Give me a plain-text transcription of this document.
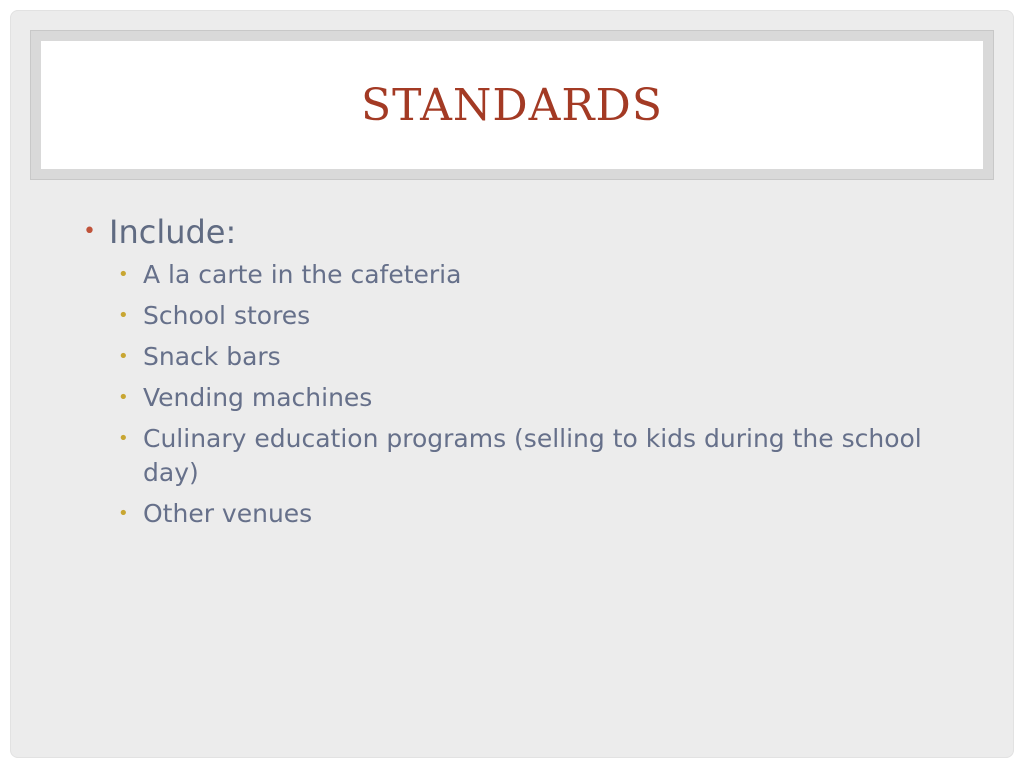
STANDARDS
• Include:
• A la carte in the cafeteria
• School stores
• Snack bars
• Vending machines
• Culinary education programs (selling to kids during the school day)
• Other venues
